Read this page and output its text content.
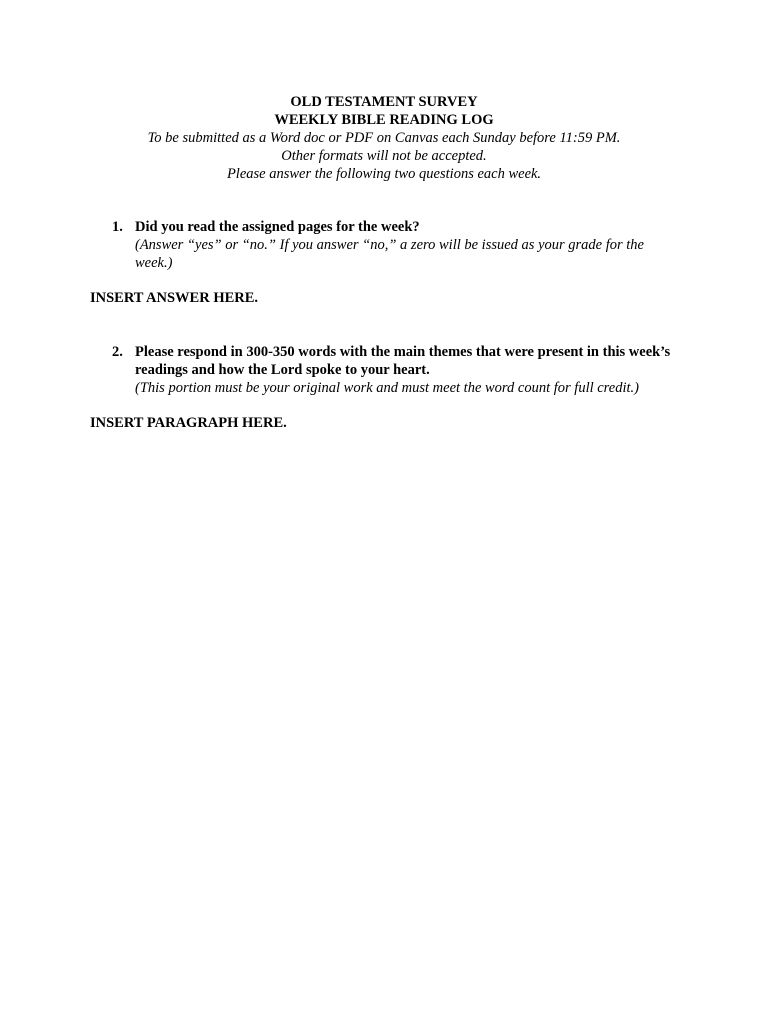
OLD TESTAMENT SURVEY
WEEKLY BIBLE READING LOG
To be submitted as a Word doc or PDF on Canvas each Sunday before 11:59 PM.
Other formats will not be accepted.
Please answer the following two questions each week.
1. Did you read the assigned pages for the week?
(Answer “yes” or “no.” If you answer “no,” a zero will be issued as your grade for the week.)
INSERT ANSWER HERE.
2. Please respond in 300-350 words with the main themes that were present in this week’s readings and how the Lord spoke to your heart.
(This portion must be your original work and must meet the word count for full credit.)
INSERT PARAGRAPH HERE.
